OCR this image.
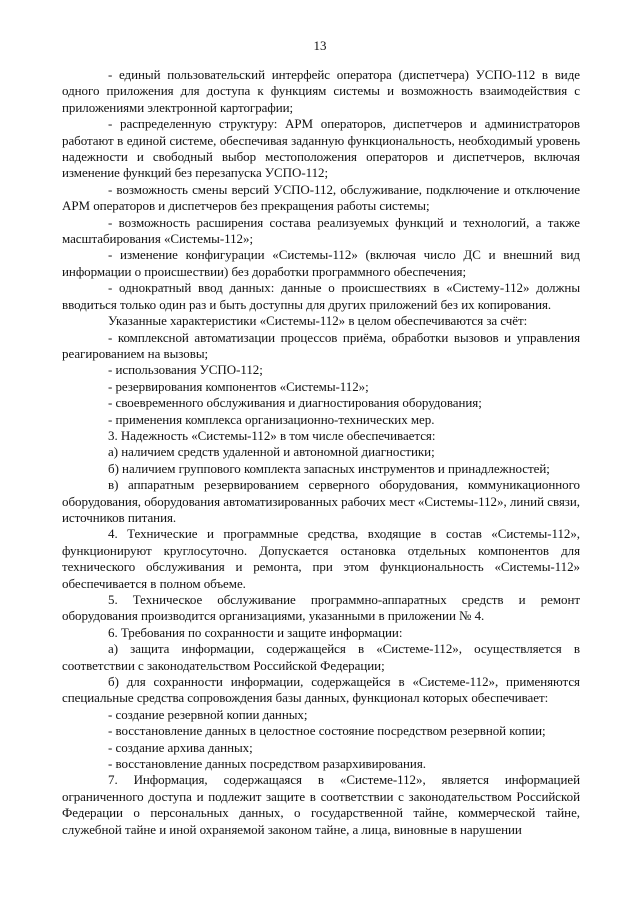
13

- единый пользовательский интерфейс оператора (диспетчера) УСПО-112 в виде одного приложения для доступа к функциям системы и возможность взаимодействия с приложениями электронной картографии;

- распределенную структуру: АРМ операторов, диспетчеров и администраторов работают в единой системе, обеспечивая заданную функциональность, необходимый уровень надежности и свободный выбор местоположения операторов и диспетчеров, включая изменение функций без перезапуска УСПО-112;

- возможность смены версий УСПО-112, обслуживание, подключение и отключение АРМ операторов и диспетчеров без прекращения работы системы;

- возможность расширения состава реализуемых функций и технологий, а также масштабирования «Системы-112»;

- изменение конфигурации «Системы-112» (включая число ДС и внешний вид информации о происшествии) без доработки программного обеспечения;

- однократный ввод данных: данные о происшествиях в «Систему-112» должны вводиться только один раз и быть доступны для других приложений без их копирования.

Указанные характеристики «Системы-112» в целом обеспечиваются за счёт:

- комплексной автоматизации процессов приёма, обработки вызовов и управления реагированием на вызовы;

- использования УСПО-112;

- резервирования компонентов «Системы-112»;

- своевременного обслуживания и диагностирования оборудования;

- применения комплекса организационно-технических мер.

3. Надежность «Системы-112» в том числе обеспечивается:

а) наличием средств удаленной и автономной диагностики;

б) наличием группового комплекта запасных инструментов и принадлежностей;

в) аппаратным резервированием серверного оборудования, коммуникационного оборудования, оборудования автоматизированных рабочих мест «Системы-112», линий связи, источников питания.

4. Технические и программные средства, входящие в состав «Системы-112», функционируют круглосуточно. Допускается остановка отдельных компонентов для технического обслуживания и ремонта, при этом функциональность «Системы-112» обеспечивается в полном объеме.

5. Техническое обслуживание программно-аппаратных средств и ремонт оборудования производится организациями, указанными в приложении № 4.

6. Требования по сохранности и защите информации:

а) защита информации, содержащейся в «Системе-112», осуществляется в соответствии с законодательством Российской Федерации;

б) для сохранности информации, содержащейся в «Системе-112», применяются специальные средства сопровождения базы данных, функционал которых обеспечивает:

- создание резервной копии данных;

- восстановление данных в целостное состояние посредством резервной копии;

- создание архива данных;

- восстановление данных посредством разархивирования.

7. Информация, содержащаяся в «Системе-112», является информацией ограниченного доступа и подлежит защите в соответствии с законодательством Российской Федерации о персональных данных, о государственной тайне, коммерческой тайне, служебной тайне и иной охраняемой законом тайне, а лица, виновные в нарушении
